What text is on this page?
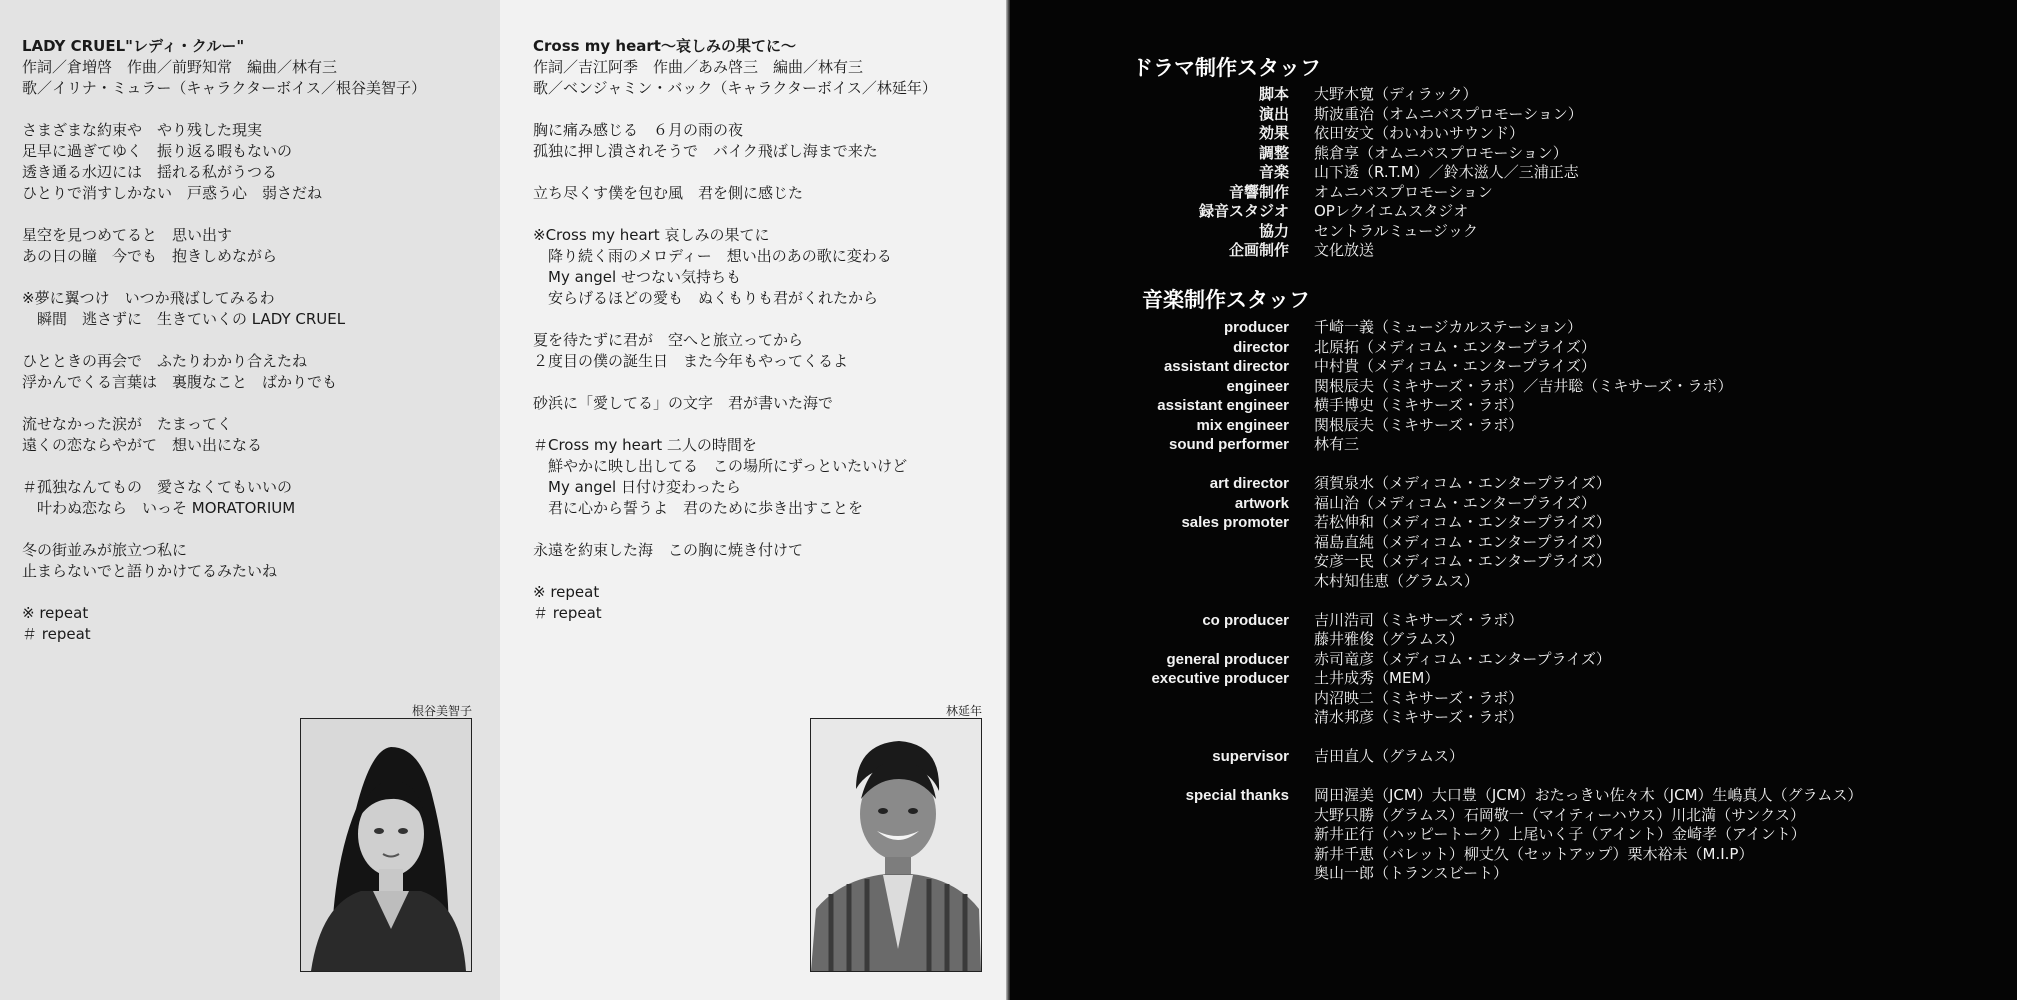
LADY CRUEL"レディ・クルー"
作詞／倉増啓　作曲／前野知常　編曲／林有三
歌／イリナ・ミュラー（キャラクターボイス／根谷美智子）
さまざまな約束や　やり残した現実
足早に過ぎてゆく　振り返る暇もないの
透き通る水辺には　揺れる私がうつる
ひとりで消すしかない　戸惑う心　弱さだね
星空を見つめてると　思い出す
あの日の瞳　今でも　抱きしめながら
※夢に翼つけ　いつか飛ばしてみるわ
　瞬間　逃さずに　生きていくの LADY CRUEL
ひとときの再会で　ふたりわかり合えたね
浮かんでくる言葉は　裏腹なこと　ばかりでも
流せなかった涙が　たまってく
遠くの恋ならやがて　想い出になる
＃孤独なんてもの　愛さなくてもいいの
　叶わぬ恋なら　いっそ MORATORIUM
冬の街並みが旅立つ私に
止まらないでと語りかけてるみたいね
※ repeat
＃ repeat
根谷美智子
Cross my heart〜哀しみの果てに〜
作詞／吉江阿季　作曲／あみ啓三　編曲／林有三
歌／ベンジャミン・バック（キャラクターボイス／林延年）
胸に痛み感じる　６月の雨の夜
孤独に押し潰されそうで　バイク飛ばし海まで来た
立ち尽くす僕を包む風　君を側に感じた
※Cross my heart 哀しみの果てに
　降り続く雨のメロディー　想い出のあの歌に変わる
　My angel せつない気持ちも
　安らげるほどの愛も　ぬくもりも君がくれたから
夏を待たずに君が　空へと旅立ってから
２度目の僕の誕生日　また今年もやってくるよ
砂浜に「愛してる」の文字　君が書いた海で
＃Cross my heart 二人の時間を
　鮮やかに映し出してる　この場所にずっといたいけど
　My angel 日付け変わったら
　君に心から誓うよ　君のために歩き出すことを
永遠を約束した海　この胸に焼き付けて
※ repeat
＃ repeat
林延年
ドラマ制作スタッフ
脚本	大野木寛（ディラック）
演出	斯波重治（オムニバスプロモーション）
効果	依田安文（わいわいサウンド）
調整	熊倉享（オムニバスプロモーション）
音楽	山下透（R.T.M）／鈴木滋人／三浦正志
音響制作	オムニバスプロモーション
録音スタジオ	OPレクイエムスタジオ
協力	セントラルミュージック
企画制作	文化放送
音楽制作スタッフ
producer	千崎一義（ミュージカルステーション）
director	北原拓（メディコム・エンタープライズ）
assistant director	中村貴（メディコム・エンタープライズ）
engineer	関根辰夫（ミキサーズ・ラボ）／吉井聡（ミキサーズ・ラボ）
assistant engineer	横手博史（ミキサーズ・ラボ）
mix engineer	関根辰夫（ミキサーズ・ラボ）
sound performer	林有三
art director	須賀泉水（メディコム・エンタープライズ）
artwork	福山治（メディコム・エンタープライズ）
sales promoter	若松伸和（メディコム・エンタープライズ）
福島直純（メディコム・エンタープライズ）
安彦一民（メディコム・エンタープライズ）
木村知佳恵（グラムス）
co producer	吉川浩司（ミキサーズ・ラボ）
藤井雅俊（グラムス）
general producer	赤司竜彦（メディコム・エンタープライズ）
executive producer	土井成秀（MEM）
内沼映二（ミキサーズ・ラボ）
清水邦彦（ミキサーズ・ラボ）
supervisor	吉田直人（グラムス）
special thanks	岡田渥美（JCM）大口豊（JCM）おたっきい佐々木（JCM）生嶋真人（グラムス）
大野只勝（グラムス）石岡敬一（マイティーハウス）川北満（サンクス）
新井正行（ハッピートーク）上尾いく子（アイント）金崎孝（アイント）
新井千恵（バレット）柳丈久（セットアップ）栗木裕未（M.I.P）
奥山一郎（トランスビート）
